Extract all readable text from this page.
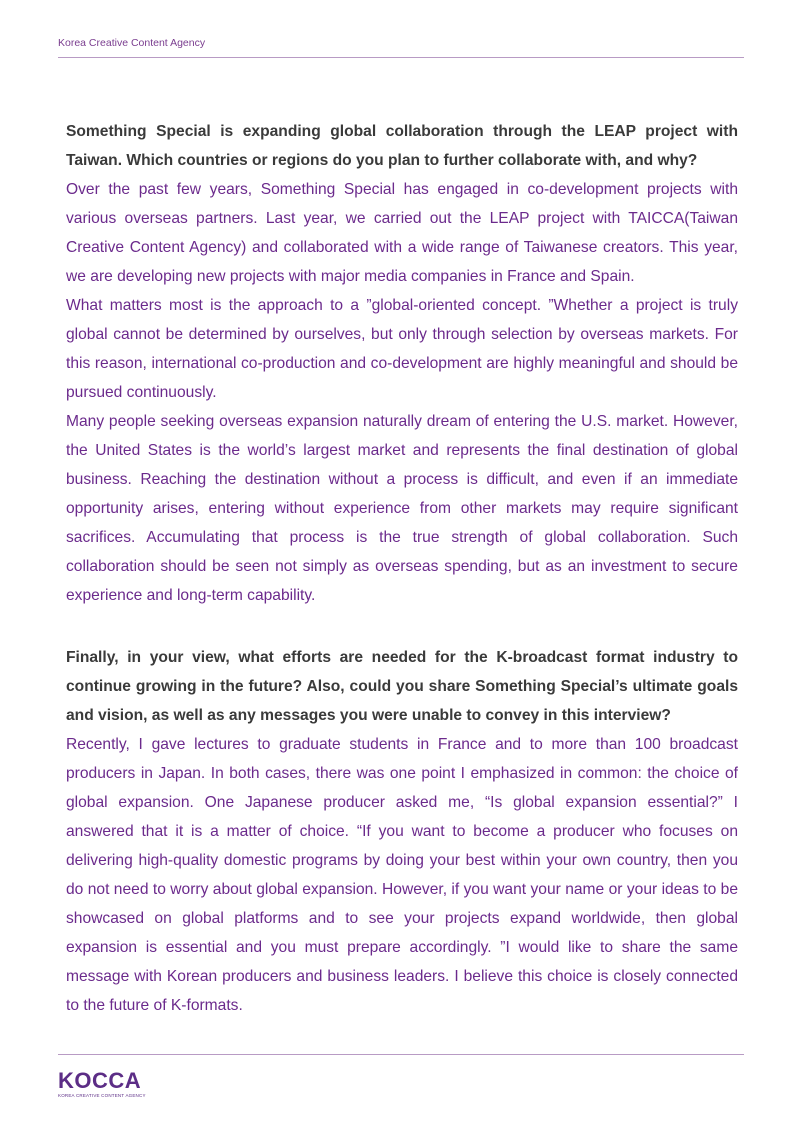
Korea Creative Content Agency

Something Special is expanding global collaboration through the LEAP project with Taiwan. Which countries or regions do you plan to further collaborate with, and why?

Over the past few years, Something Special has engaged in co-development projects with various overseas partners. Last year, we carried out the LEAP project with TAICCA(Taiwan Creative Content Agency) and collaborated with a wide range of Taiwanese creators. This year, we are developing new projects with major media companies in France and Spain.

What matters most is the approach to a ”global-oriented concept. ”Whether a project is truly global cannot be determined by ourselves, but only through selection by overseas markets. For this reason, international co-production and co-development are highly meaningful and should be pursued continuously.

Many people seeking overseas expansion naturally dream of entering the U.S. market. However, the United States is the world’s largest market and represents the final destination of global business. Reaching the destination without a process is difficult, and even if an immediate opportunity arises, entering without experience from other markets may require significant sacrifices. Accumulating that process is the true strength of global collaboration. Such collaboration should be seen not simply as overseas spending, but as an investment to secure experience and long-term capability.

Finally, in your view, what efforts are needed for the K-broadcast format industry to continue growing in the future? Also, could you share Something Special’s ultimate goals and vision, as well as any messages you were unable to convey in this interview?

Recently, I gave lectures to graduate students in France and to more than 100 broadcast producers in Japan. In both cases, there was one point I emphasized in common: the choice of global expansion. One Japanese producer asked me, “Is global expansion essential?” I answered that it is a matter of choice. “If you want to become a producer who focuses on delivering high-quality domestic programs by doing your best within your own country, then you do not need to worry about global expansion. However, if you want your name or your ideas to be showcased on global platforms and to see your projects expand worldwide, then global expansion is essential and you must prepare accordingly. ”I would like to share the same message with Korean producers and business leaders. I believe this choice is closely connected to the future of K-formats.

KOCCA
KOREA CREATIVE CONTENT AGENCY
